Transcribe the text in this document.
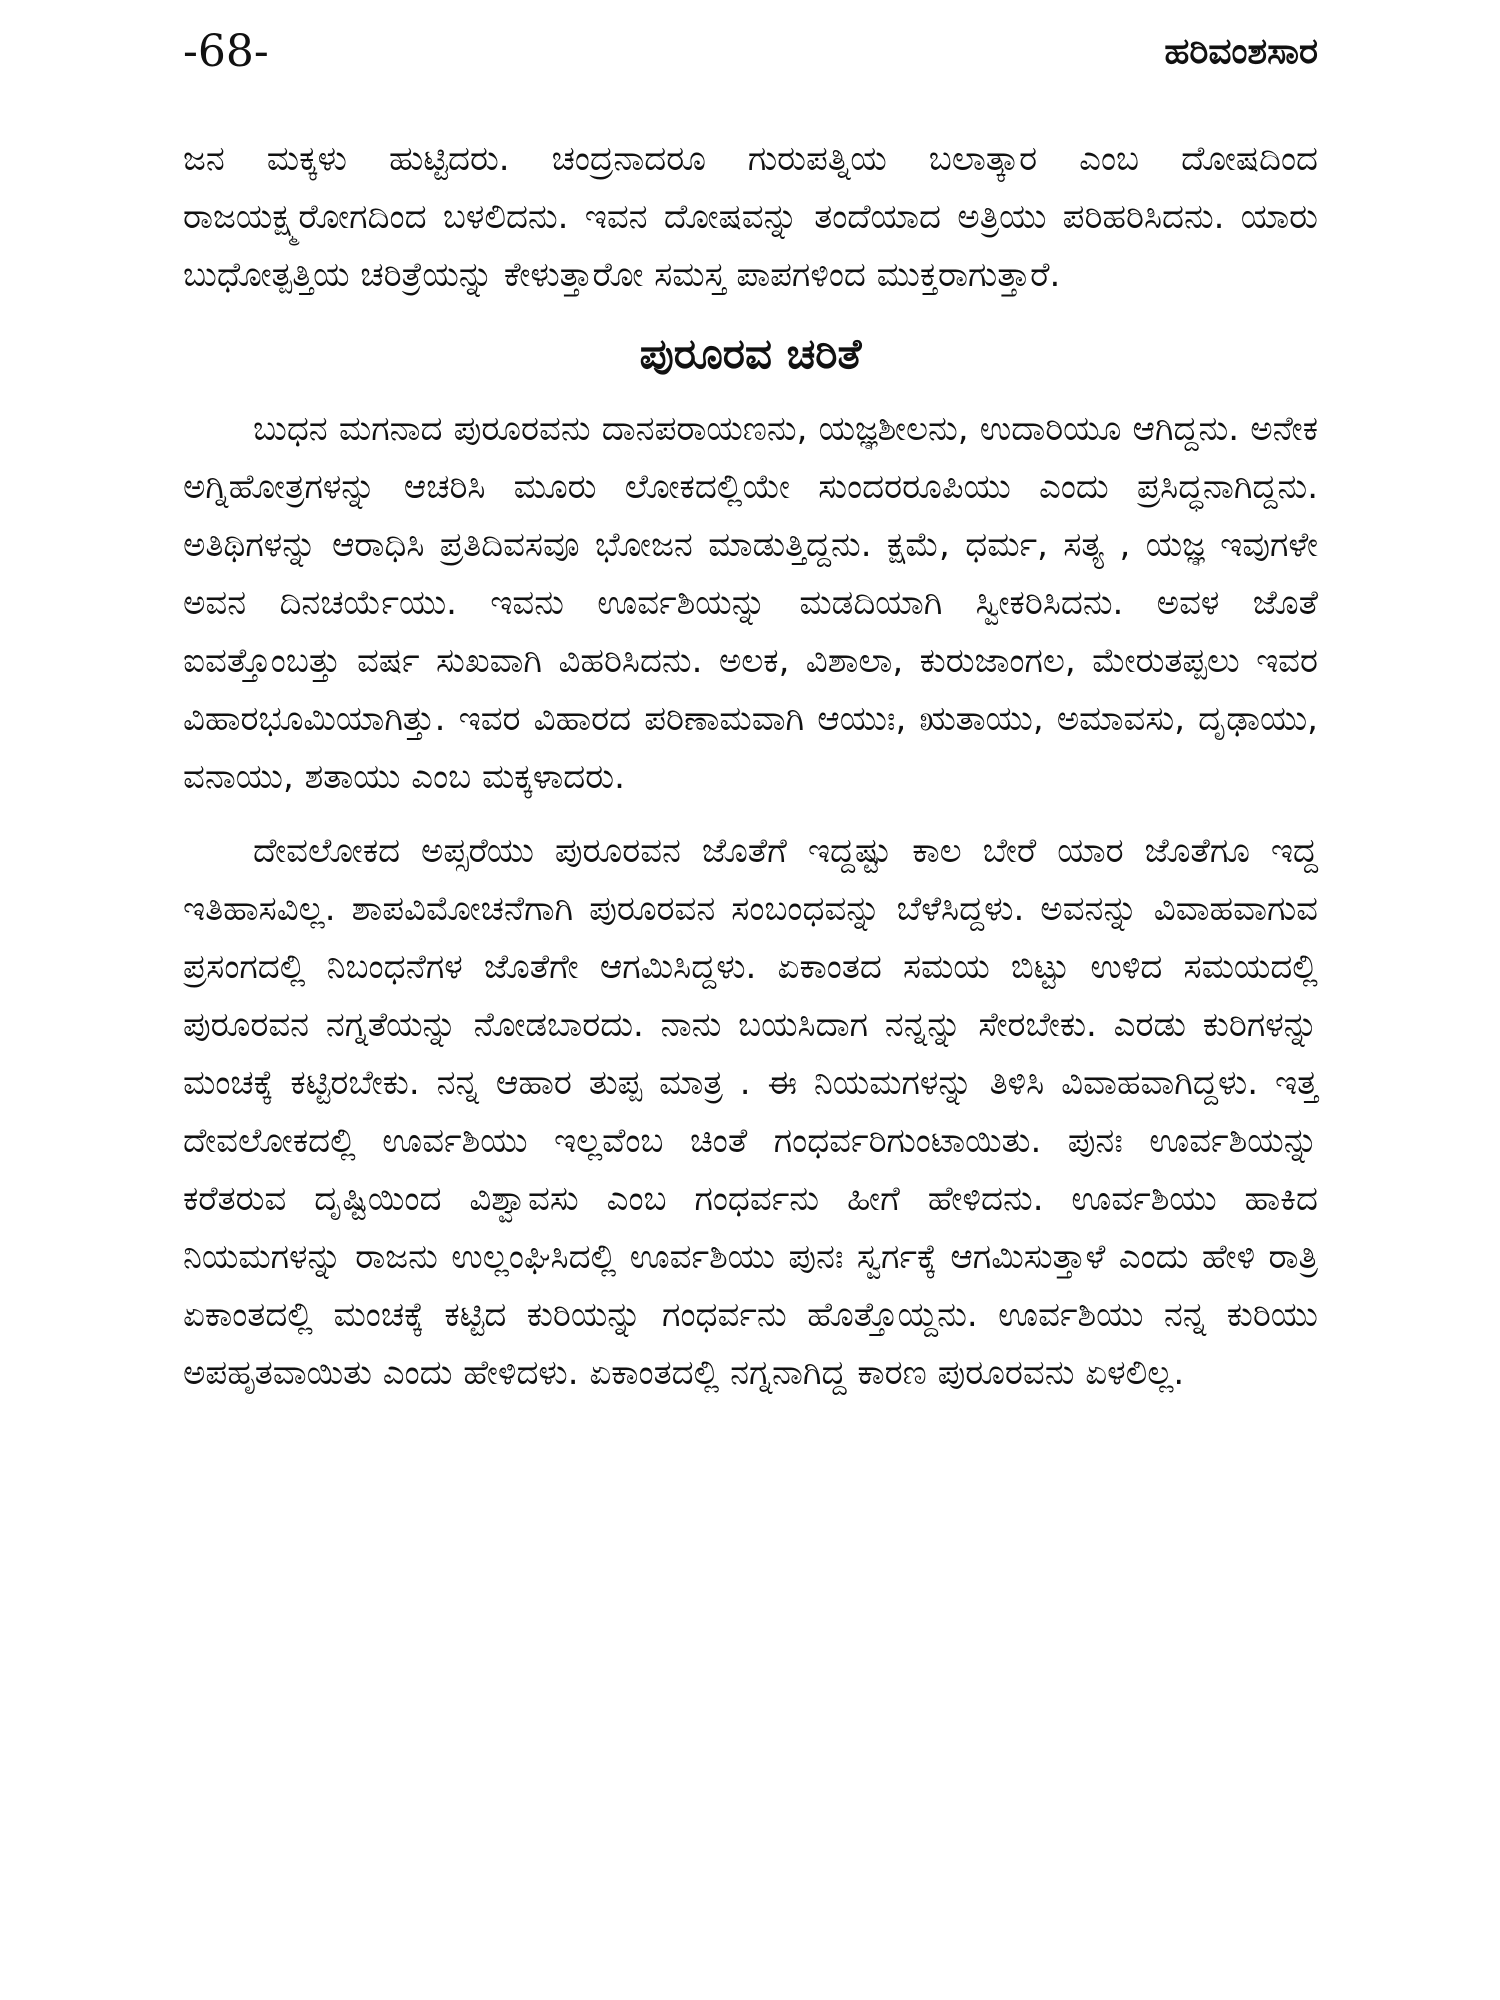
-68-	ಹರಿವಂಶಸಾರ

ಜನ ಮಕ್ಕಳು ಹುಟ್ಟಿದರು. ಚಂದ್ರನಾದರೂ ಗುರುಪತ್ನಿಯ ಬಲಾತ್ಕಾರ ಎಂಬ ದೋಷದಿಂದ ರಾಜಯಕ್ಷ್ಮರೋಗದಿಂದ ಬಳಲಿದನು. ಇವನ ದೋಷವನ್ನು ತಂದೆಯಾದ ಅತ್ರಿಯು ಪರಿಹರಿಸಿದನು. ಯಾರು ಬುಧೋತ್ಪತ್ತಿಯ ಚರಿತ್ರೆಯನ್ನು ಕೇಳುತ್ತಾರೋ ಸಮಸ್ತ ಪಾಪಗಳಿಂದ ಮುಕ್ತರಾಗುತ್ತಾರೆ.

ಪುರೂರವ ಚರಿತೆ

ಬುಧನ ಮಗನಾದ ಪುರೂರವನು ದಾನಪರಾಯಣನು, ಯಜ್ಞಶೀಲನು, ಉದಾರಿಯೂ ಆಗಿದ್ದನು. ಅನೇಕ ಅಗ್ನಿಹೋತ್ರಗಳನ್ನು ಆಚರಿಸಿ ಮೂರು ಲೋಕದಲ್ಲಿಯೇ ಸುಂದರರೂಪಿಯು ಎಂದು ಪ್ರಸಿದ್ಧನಾಗಿದ್ದನು. ಅತಿಥಿಗಳನ್ನು ಆರಾಧಿಸಿ ಪ್ರತಿದಿವಸವೂ ಭೋಜನ ಮಾಡುತ್ತಿದ್ದನು. ಕ್ಷಮೆ, ಧರ್ಮ, ಸತ್ಯ , ಯಜ್ಞ ಇವುಗಳೇ ಅವನ ದಿನಚರ್ಯೆಯು. ಇವನು ಊರ್ವಶಿಯನ್ನು ಮಡದಿಯಾಗಿ ಸ್ವೀಕರಿಸಿದನು. ಅವಳ ಜೊತೆ ಐವತ್ತೊಂಬತ್ತು ವರ್ಷ ಸುಖವಾಗಿ ವಿಹರಿಸಿದನು. ಅಲಕ, ವಿಶಾಲಾ, ಕುರುಜಾಂಗಲ, ಮೇರುತಪ್ಪಲು ಇವರ ವಿಹಾರಭೂಮಿಯಾಗಿತ್ತು. ಇವರ ವಿಹಾರದ ಪರಿಣಾಮವಾಗಿ ಆಯುಃ, ಋತಾಯು, ಅಮಾವಸು, ದೃಢಾಯು, ವನಾಯು, ಶತಾಯು ಎಂಬ ಮಕ್ಕಳಾದರು.

ದೇವಲೋಕದ ಅಪ್ಸರೆಯು ಪುರೂರವನ ಜೊತೆಗೆ ಇದ್ದಷ್ಟು ಕಾಲ ಬೇರೆ ಯಾರ ಜೊತೆಗೂ ಇದ್ದ ಇತಿಹಾಸವಿಲ್ಲ. ಶಾಪವಿಮೋಚನೆಗಾಗಿ ಪುರೂರವನ ಸಂಬಂಧವನ್ನು ಬೆಳೆಸಿದ್ದಳು. ಅವನನ್ನು ವಿವಾಹವಾಗುವ ಪ್ರಸಂಗದಲ್ಲಿ ನಿಬಂಧನೆಗಳ ಜೊತೆಗೇ ಆಗಮಿಸಿದ್ದಳು. ಏಕಾಂತದ ಸಮಯ ಬಿಟ್ಟು ಉಳಿದ ಸಮಯದಲ್ಲಿ ಪುರೂರವನ ನಗ್ನತೆಯನ್ನು ನೋಡಬಾರದು. ನಾನು ಬಯಸಿದಾಗ ನನ್ನನ್ನು ಸೇರಬೇಕು. ಎರಡು ಕುರಿಗಳನ್ನು ಮಂಚಕ್ಕೆ ಕಟ್ಟಿರಬೇಕು. ನನ್ನ ಆಹಾರ ತುಪ್ಪ ಮಾತ್ರ . ಈ ನಿಯಮಗಳನ್ನು ತಿಳಿಸಿ ವಿವಾಹವಾಗಿದ್ದಳು. ಇತ್ತ ದೇವಲೋಕದಲ್ಲಿ ಊರ್ವಶಿಯು ಇಲ್ಲವೆಂಬ ಚಿಂತೆ ಗಂಧರ್ವರಿಗುಂಟಾಯಿತು. ಪುನಃ ಊರ್ವಶಿಯನ್ನು ಕರೆತರುವ ದೃಷ್ಟಿಯಿಂದ ವಿಶ್ವಾವಸು ಎಂಬ ಗಂಧರ್ವನು ಹೀಗೆ ಹೇಳಿದನು. ಊರ್ವಶಿಯು ಹಾಕಿದ ನಿಯಮಗಳನ್ನು ರಾಜನು ಉಲ್ಲಂಘಿಸಿದಲ್ಲಿ ಊರ್ವಶಿಯು ಪುನಃ ಸ್ವರ್ಗಕ್ಕೆ ಆಗಮಿಸುತ್ತಾಳೆ ಎಂದು ಹೇಳಿ ರಾತ್ರಿ ಏಕಾಂತದಲ್ಲಿ ಮಂಚಕ್ಕೆ ಕಟ್ಟಿದ ಕುರಿಯನ್ನು ಗಂಧರ್ವನು ಹೊತ್ತೊಯ್ದನು. ಊರ್ವಶಿಯು ನನ್ನ ಕುರಿಯು ಅಪಹೃತವಾಯಿತು ಎಂದು ಹೇಳಿದಳು. ಏಕಾಂತದಲ್ಲಿ ನಗ್ನನಾಗಿದ್ದ ಕಾರಣ ಪುರೂರವನು ಏಳಲಿಲ್ಲ.
